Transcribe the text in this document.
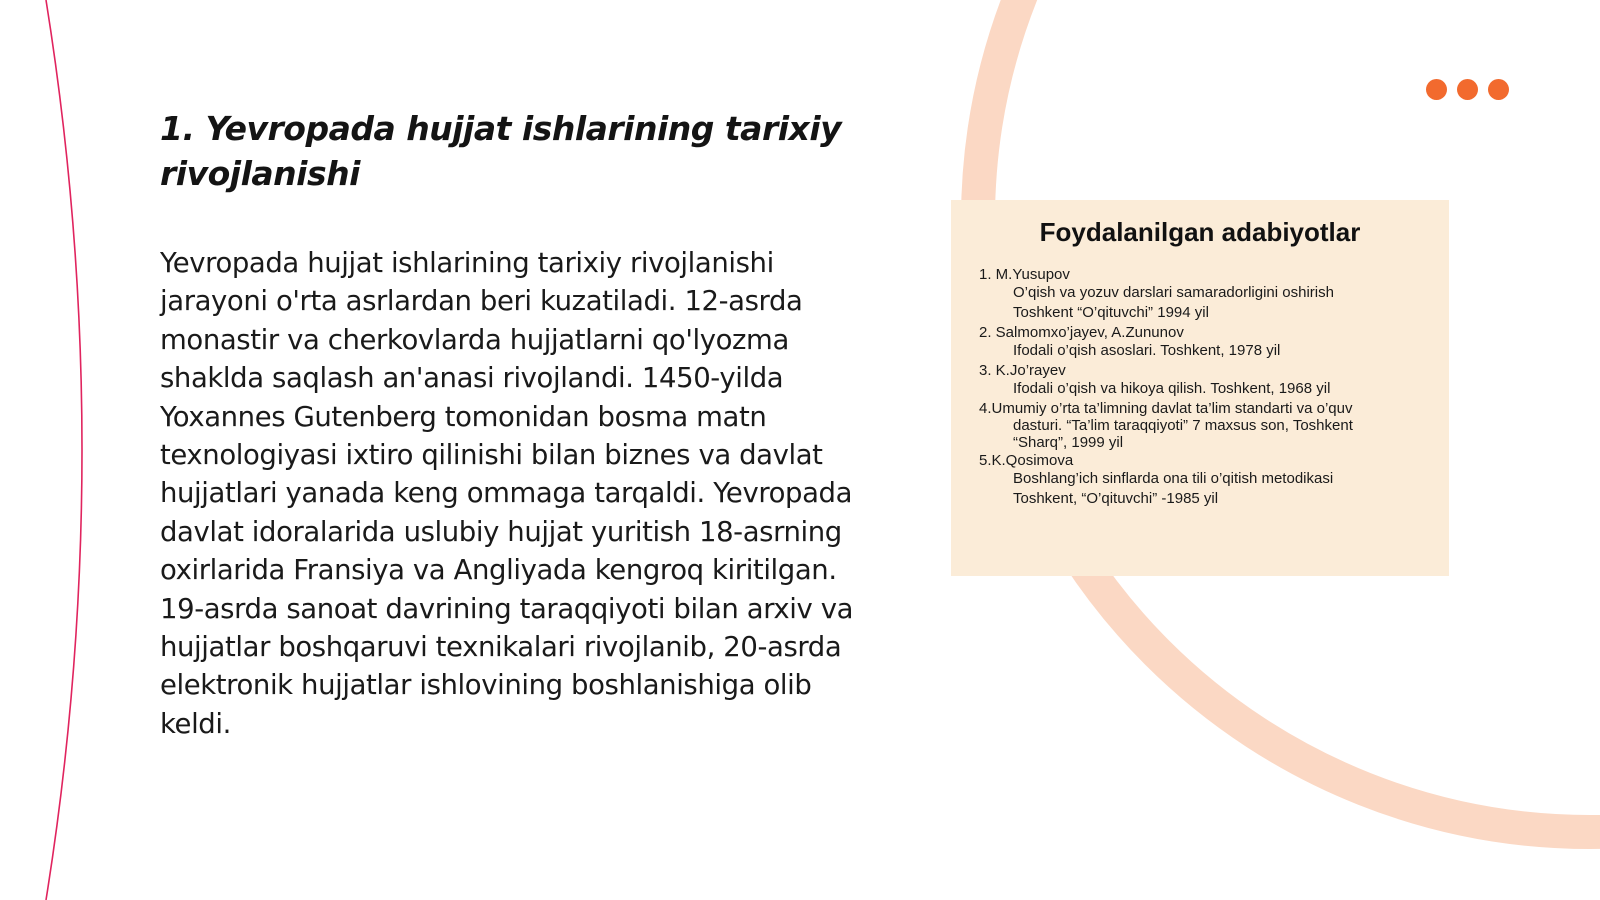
1. Yevropada hujjat ishlarining tarixiy rivojlanishi

Yevropada hujjat ishlarining tarixiy rivojlanishi jarayoni o'rta asrlardan beri kuzatiladi. 12-asrda monastir va cherkovlarda hujjatlarni qo'lyozma shaklda saqlash an'anasi rivojlandi. 1450-yilda Yoxannes Gutenberg tomonidan bosma matn texnologiyasi ixtiro qilinishi bilan biznes va davlat hujjatlari yanada keng ommaga tarqaldi. Yevropada davlat idoralarida uslubiy hujjat yuritish 18-asrning oxirlarida Fransiya va Angliyada kengroq kiritilgan. 19-asrda sanoat davrining taraqqiyoti bilan arxiv va hujjatlar boshqaruvi texnikalari rivojlanib, 20-asrda elektronik hujjatlar ishlovining boshlanishiga olib keldi.

Foydalanilgan adabiyotlar

1. M.Yusupov

O’qish va yozuv darslari samaradorligini oshirish

Toshkent “O’qituvchi” 1994 yil

2. Salmomxo’jayev, A.Zununov

Ifodali o’qish asoslari. Toshkent, 1978 yil

3. K.Jo’rayev

Ifodali o’qish va hikoya qilish. Toshkent, 1968 yil

4.Umumiy o’rta ta’limning davlat ta’lim standarti va o’quv

dasturi. “Ta’lim taraqqiyoti” 7 maxsus son, Toshkent

“Sharq”, 1999 yil

5.K.Qosimova

Boshlang’ich sinflarda ona tili o’qitish metodikasi

Toshkent, “O’qituvchi” -1985 yil
